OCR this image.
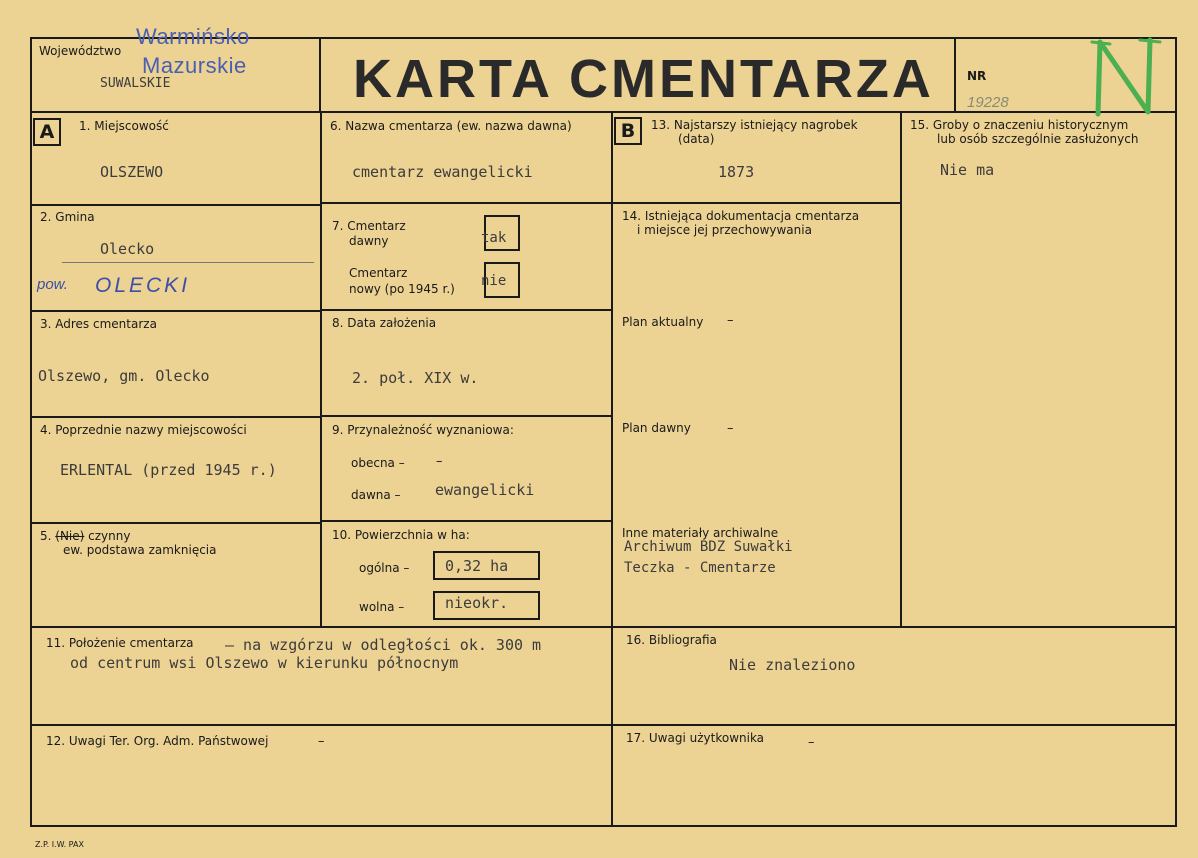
Województwo
Warmińsko
Mazurskie
SUWALSKIE	KARTA CMENTARZA	NR
19228
A	1. Miejscowość
OLSZEWO
2. Gmina
Olecko
pow. OLECKI
3. Adres cmentarza
Olszewo, gm. Olecko
4. Poprzednie nazwy miejscowości
ERLENTAL (przed 1945 r.)
5. (Nie) czynny
ew. podstawa zamknięcia
6. Nazwa cmentarza (ew. nazwa dawna)
cmentarz ewangelicki
7. Cmentarz
dawny	tak
Cmentarz
nowy (po 1945 r.) nie
8. Data założenia
2. poł. XIX w.
9. Przynależność wyznaniowa:
obecna – –
dawna – ewangelicki
10. Powierzchnia w ha:
ogólna – 0,32 ha
wolna –	nieokr.
B	13. Najstarszy istniejący nagrobek
(data)
1873
14. Istniejąca dokumentacja cmentarza
i miejsce jej przechowywania
Plan aktualny –
Plan dawny	–
Inne materiały archiwalne
Archiwum BDZ Suwałki
Teczka - Cmentarze
15. Groby o znaczeniu historycznym
lub osób szczególnie zasłużonych
Nie ma
11. Położenie cmentarza – na wzgórzu w odległości ok. 300 m
od centrum wsi Olszewo w kierunku północnym
16. Bibliografia
Nie znaleziono
12. Uwagi Ter. Org. Adm. Państwowej	–	17. Uwagi użytkownika	–
Z.P. I.W. PAX
